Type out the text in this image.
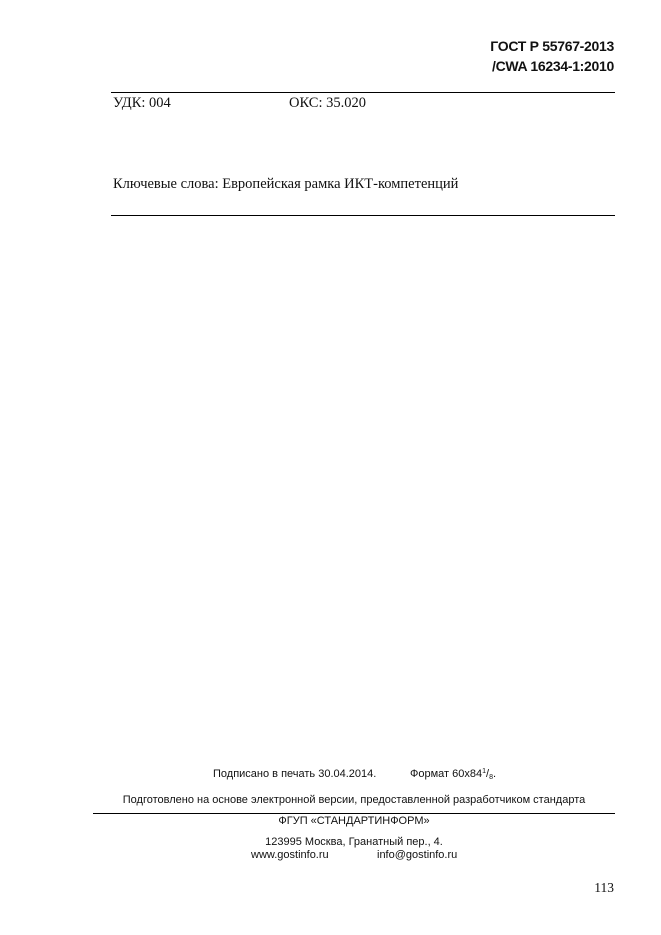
ГОСТ Р 55767-2013
/CWA 16234-1:2010
УДК: 004	ОКС: 35.020
Ключевые слова: Европейская рамка ИКТ-компетенций
Подписано в печать 30.04.2014.	Формат $60x84^1/_8$.
Подготовлено на основе электронной версии, предоставленной разработчиком стандарта
ФГУП «СТАНДАРТИНФОРМ»
123995 Москва, Гранатный пер., 4.
www.gostinfo.ru	info@gostinfo.ru
113
